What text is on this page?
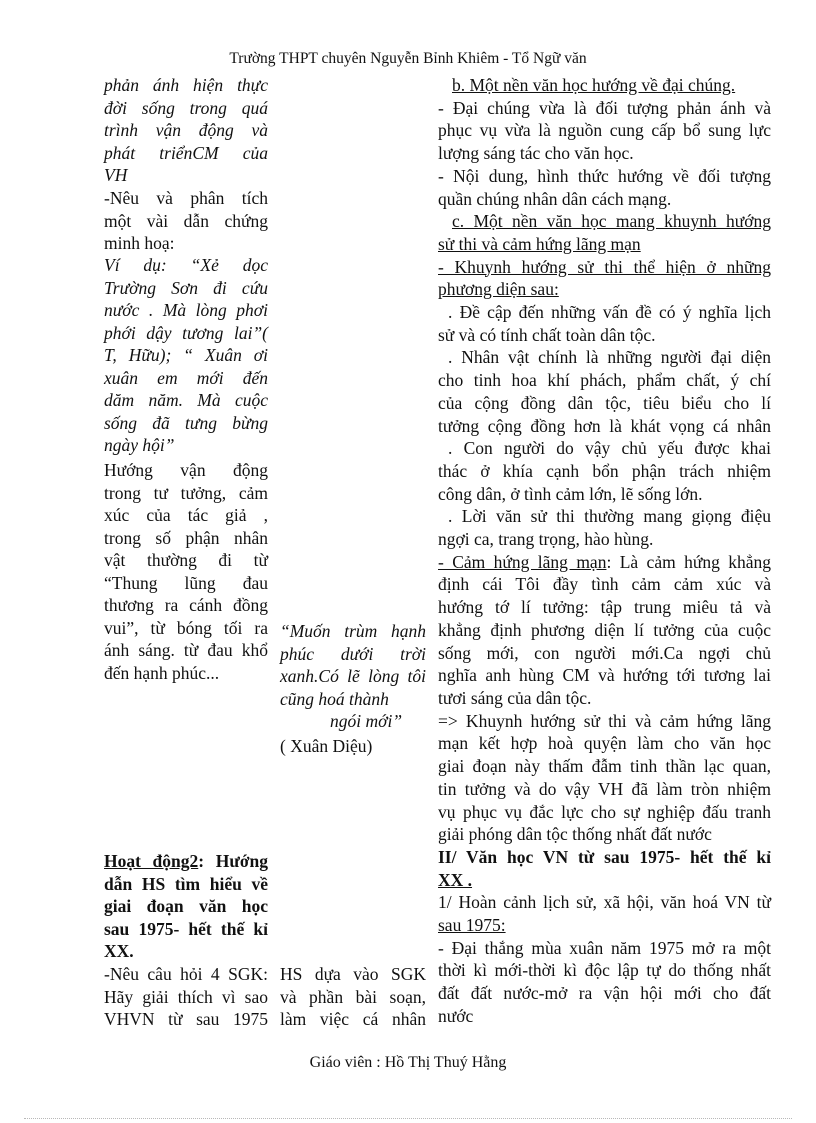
Trường THPT chuyên Nguyễn Bỉnh Khiêm - Tổ Ngữ văn
phản ánh hiện thực
đời sống trong quá
trình vận động và
phát triểnCM của
VH
-Nêu và phân tích
một vài dẫn chứng
minh hoạ:
Ví dụ: “Xẻ dọc
Trường Sơn đi cứu
nước . Mà lòng phơi
phới dậy tương lai”(
T, Hữu); “ Xuân ơi
xuân em mới đến
dăm năm. Mà cuộc
sống đã tưng bừng
ngày hội”
Hướng vận động
trong tư tưởng, cảm
xúc của tác giả ,
trong số phận nhân
vật thường đi từ
“Thung lũng đau
thương ra cánh đồng
vui”, từ bóng tối ra
ánh sáng. từ đau khổ
đến hạnh phúc...
Hoạt động2: Hướng
dẫn HS tìm hiểu về
giai đoạn văn học
sau 1975- hết thế kỉ
XX.
-Nêu câu hỏi 4 SGK:
Hãy giải thích vì sao
VHVN từ sau 1975
“Muốn trùm hạnh
phúc dưới trời
xanh.Có lẽ lòng tôi
cũng hoá thành
ngói mới”
( Xuân Diệu)
HS dựa vào SGK
và phần bài soạn,
làm việc cá nhân
b. Một nền văn học hướng về đại chúng.
- Đại chúng vừa là đối tượng phản ánh và
phục vụ vừa là nguồn cung cấp bổ sung lực
lượng sáng tác cho văn học.
- Nội dung, hình thức hướng về đối tượng
quần chúng nhân dân cách mạng.
c. Một nền văn học mang khuynh hướng
sử thi và cảm hứng lãng mạn
- Khuynh hướng sử thi thể hiện ở những
phương diện sau:
. Đề cập đến những vấn đề có ý nghĩa lịch
sử và có tính chất toàn dân tộc.
. Nhân vật chính là những người đại diện
cho tinh hoa khí phách, phẩm chất, ý chí
của cộng đồng dân tộc, tiêu biểu cho lí
tưởng cộng đồng hơn là khát vọng cá nhân
. Con người do vậy chủ yếu được khai
thác ở khía cạnh bổn phận trách nhiệm
công dân, ở tình cảm lớn, lẽ sống lớn.
. Lời văn sử thi thường mang giọng điệu
ngợi ca, trang trọng, hào hùng.
- Cảm hứng lãng mạn: Là cảm hứng khẳng
định cái Tôi đầy tình cảm cảm xúc và
hướng tớ lí tưởng: tập trung miêu tả và
khẳng định phương diện lí tưởng của cuộc
sống mới, con người mới.Ca ngợi chủ
nghĩa anh hùng CM và hướng tới tương lai
tươi sáng của dân tộc.
=> Khuynh hướng sử thi và cảm hứng lãng
mạn kết hợp hoà quyện làm cho văn học
giai đoạn này thấm đẫm tinh thần lạc quan,
tin tưởng và do vậy VH đã làm tròn nhiệm
vụ phục vụ đắc lực cho sự nghiệp đấu tranh
giải phóng dân tộc thống nhất đất nước
II/ Văn học VN từ sau 1975- hết thế kỉ
XX .
1/ Hoàn cảnh lịch sử, xã hội, văn hoá VN từ
sau 1975:
- Đại thắng mùa xuân năm 1975 mở ra một
thời kì mới-thời kì độc lập tự do thống nhất
đất đất nước-mở ra vận hội mới cho đất
nước
Giáo viên : Hồ Thị Thuý Hằng
